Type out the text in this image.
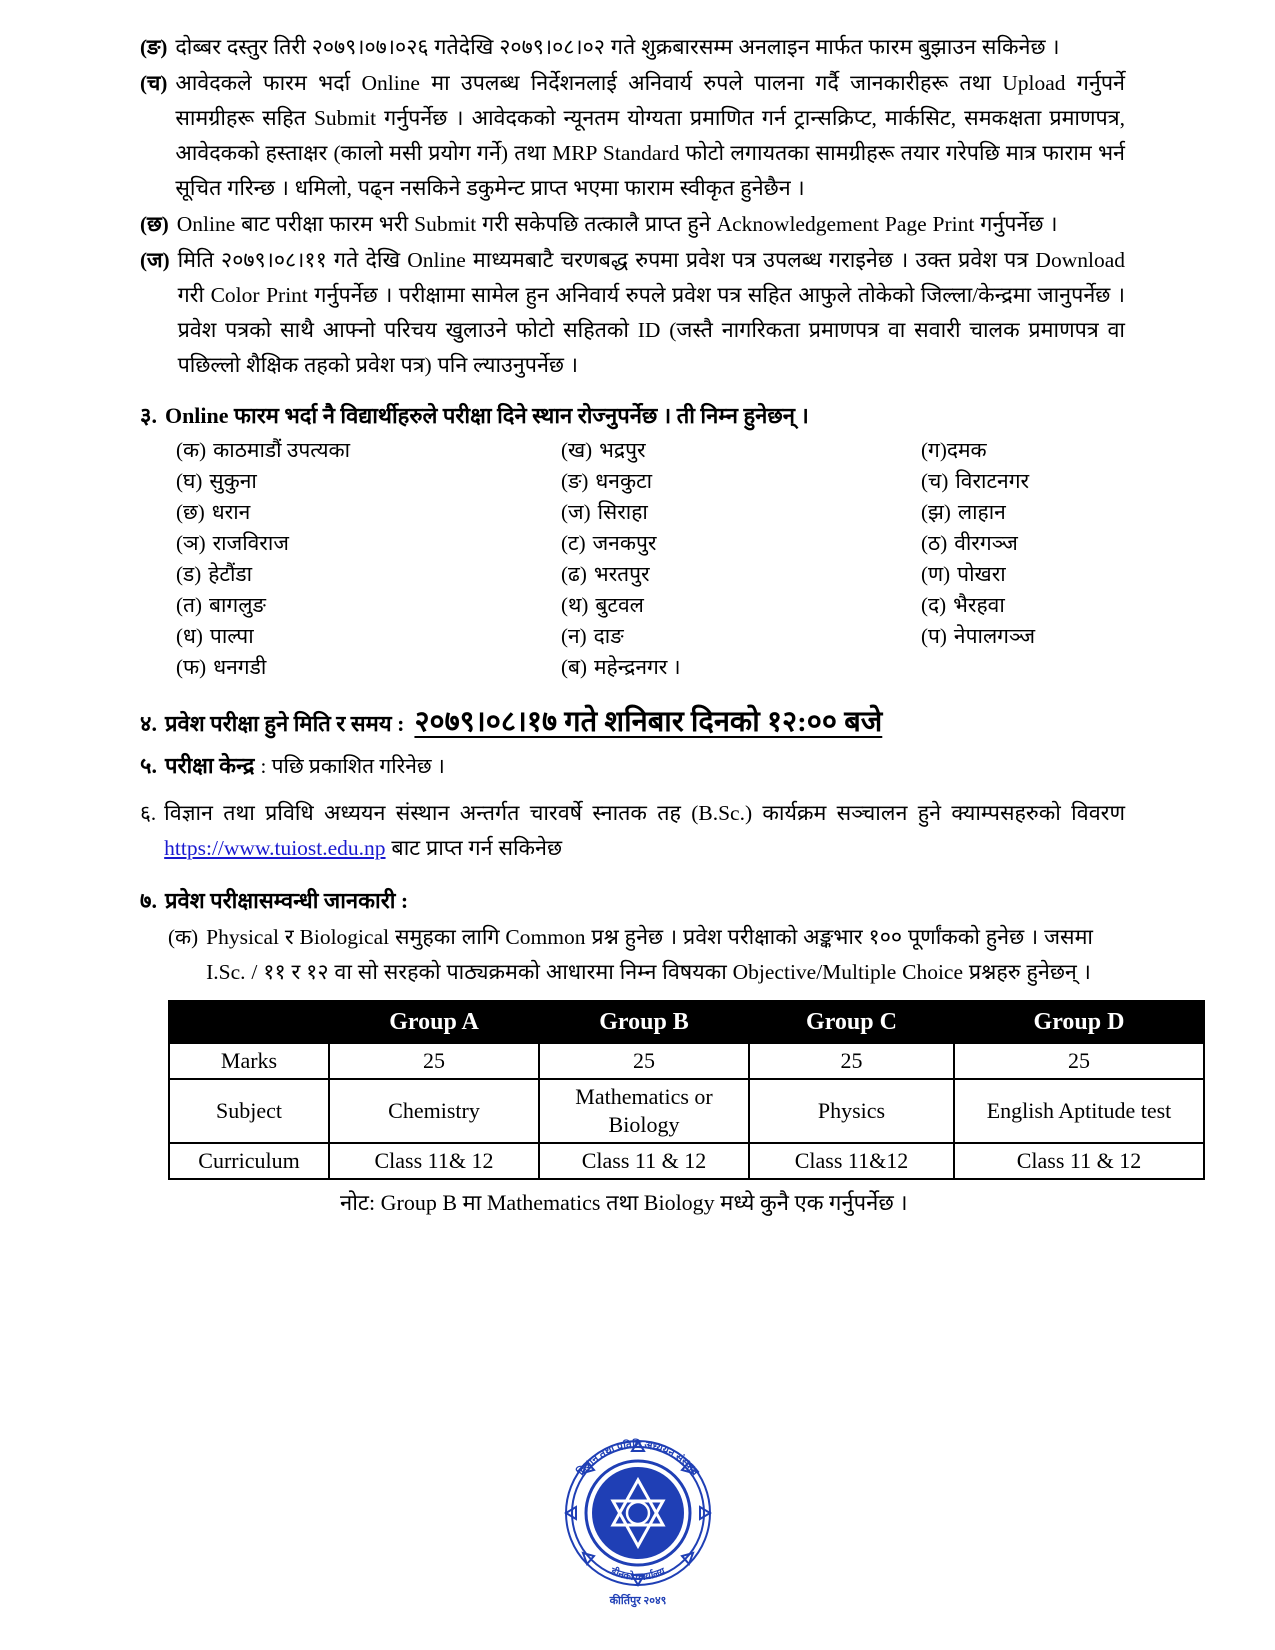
(ङ) दोब्बर दस्तुर तिरी २०७९।०७।०२६ गतेदेखि २०७९।०८।०२ गते शुक्रबारसम्म अनलाइन मार्फत फारम बुझाउन सकिनेछ ।
(च) आवेदकले फारम भर्दा Online मा उपलब्ध निर्देशनलाई अनिवार्य रुपले पालना गर्दै जानकारीहरू तथा Upload गर्नुपर्ने सामग्रीहरू सहित Submit गर्नुपर्नेछ । आवेदकको न्यूनतम योग्यता प्रमाणित गर्न ट्रान्सक्रिप्ट, मार्कसिट, समकक्षता प्रमाणपत्र, आवेदकको हस्ताक्षर (कालो मसी प्रयोग गर्ने) तथा MRP Standard फोटो लगायतका सामग्रीहरू तयार गरेपछि मात्र फाराम भर्न सूचित गरिन्छ । धमिलो, पढ्न नसकिने डकुमेन्ट प्राप्त भएमा फाराम स्वीकृत हुनेछैन ।
(छ) Online बाट परीक्षा फारम भरी Submit गरी सकेपछि तत्कालै प्राप्त हुने Acknowledgement Page Print गर्नुपर्नेछ ।
(ज) मिति २०७९।०८।११ गते देखि Online माध्यमबाटै चरणबद्ध रुपमा प्रवेश पत्र उपलब्ध गराइनेछ । उक्त प्रवेश पत्र Download गरी Color Print गर्नुपर्नेछ । परीक्षामा सामेल हुन अनिवार्य रुपले प्रवेश पत्र सहित आफुले तोकेको जिल्ला/केन्द्रमा जानुपर्नेछ । प्रवेश पत्रको साथै आफ्नो परिचय खुलाउने फोटो सहितको ID (जस्तै नागरिकता प्रमाणपत्र वा सवारी चालक प्रमाणपत्र वा पछिल्लो शैक्षिक तहको प्रवेश पत्र) पनि ल्याउनुपर्नेछ ।
३. Online फारम भर्दा नै विद्यार्थीहरुले परीक्षा दिने स्थान रोज्नुपर्नेछ । ती निम्न हुनेछन् ।
(क) काठमाडौं उपत्यका	(ख) भद्रपुर	(ग) दमक
(घ) सुकुना	(ङ) धनकुटा	(च) विराटनगर
(छ) धरान	(ज) सिराहा	(झ) लाहान
(ञ) राजविराज	(ट) जनकपुर	(ठ) वीरगञ्ज
(ड) हेटौंडा	(ढ) भरतपुर	(ण) पोखरा
(त) बागलुङ	(थ) बुटवल	(द) भैरहवा
(ध) पाल्पा	(न) दाङ	(प) नेपालगञ्ज
(फ) धनगडी	(ब) महेन्द्रनगर ।
४. प्रवेश परीक्षा हुने मिति र समय : २०७९।०८।१७ गते शनिबार दिनको १२:०० बजे
५. परीक्षा केन्द्र : पछि प्रकाशित गरिनेछ ।
६. विज्ञान तथा प्रविधि अध्ययन संस्थान अन्तर्गत चारवर्षे स्नातक तह (B.Sc.) कार्यक्रम सञ्चालन हुने क्याम्पसहरुको विवरण https://www.tuiost.edu.np बाट प्राप्त गर्न सकिनेछ
७. प्रवेश परीक्षासम्वन्धी जानकारी :
(क) Physical र Biological समुहका लागि Common प्रश्न हुनेछ । प्रवेश परीक्षाको अङ्कभार १०० पूर्णांकको हुनेछ । जसमा I.Sc. / ११ र १२ वा सो सरहको पाठ्यक्रमको आधारमा निम्न विषयका Objective/Multiple Choice प्रश्नहरु हुनेछन् ।
	Group A	Group B	Group C	Group D
Marks	25	25	25	25
Subject	Chemistry	Mathematics or Biology	Physics	English Aptitude test
Curriculum	Class 11& 12	Class 11 & 12	Class 11&12	Class 11 & 12
नोट: Group B मा Mathematics तथा Biology मध्ये कुनै एक गर्नुपर्नेछ ।
विज्ञान तथा प्रविधि अध्ययन संस्थान
डीनको कार्यालय
कीर्तिपुर २०४९
